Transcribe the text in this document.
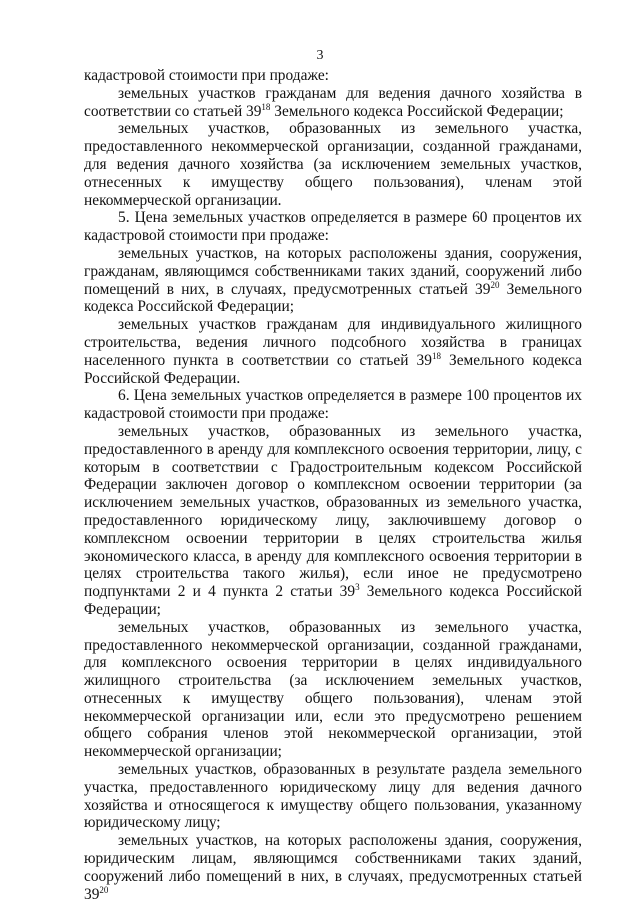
3

кадастровой стоимости при продаже:

земельных участков гражданам для ведения дачного хозяйства в соответствии со статьей $39^{18}$ Земельного кодекса Российской Федерации;

земельных участков, образованных из земельного участка, предоставленного некоммерческой организации, созданной гражданами, для ведения дачного хозяйства (за исключением земельных участков, отнесенных к имуществу общего пользования), членам этой некоммерческой организации.

5. Цена земельных участков определяется в размере 60 процентов их кадастровой стоимости при продаже:

земельных участков, на которых расположены здания, сооружения, гражданам, являющимся собственниками таких зданий, сооружений либо помещений в них, в случаях, предусмотренных статьей $39^{20}$ Земельного кодекса Российской Федерации;

земельных участков гражданам для индивидуального жилищного строительства, ведения личного подсобного хозяйства в границах населенного пункта в соответствии со статьей $39^{18}$ Земельного кодекса Российской Федерации.

6. Цена земельных участков определяется в размере 100 процентов их кадастровой стоимости при продаже:

земельных участков, образованных из земельного участка, предоставленного в аренду для комплексного освоения территории, лицу, с которым в соответствии с Градостроительным кодексом Российской Федерации заключен договор о комплексном освоении территории (за исключением земельных участков, образованных из земельного участка, предоставленного юридическому лицу, заключившему договор о комплексном освоении территории в целях строительства жилья экономического класса, в аренду для комплексного освоения территории в целях строительства такого жилья), если иное не предусмотрено подпунктами 2 и 4 пункта 2 статьи $39^3$ Земельного кодекса Российской Федерации;

земельных участков, образованных из земельного участка, предоставленного некоммерческой организации, созданной гражданами, для комплексного освоения территории в целях индивидуального жилищного строительства (за исключением земельных участков, отнесенных к имуществу общего пользования), членам этой некоммерческой организации или, если это предусмотрено решением общего собрания членов этой некоммерческой организации, этой некоммерческой организации;

земельных участков, образованных в результате раздела земельного участка, предоставленного юридическому лицу для ведения дачного хозяйства и относящегося к имуществу общего пользования, указанному юридическому лицу;

земельных участков, на которых расположены здания, сооружения, юридическим лицам, являющимся собственниками таких зданий, сооружений либо помещений в них, в случаях, предусмотренных статьей $39^{20}$
